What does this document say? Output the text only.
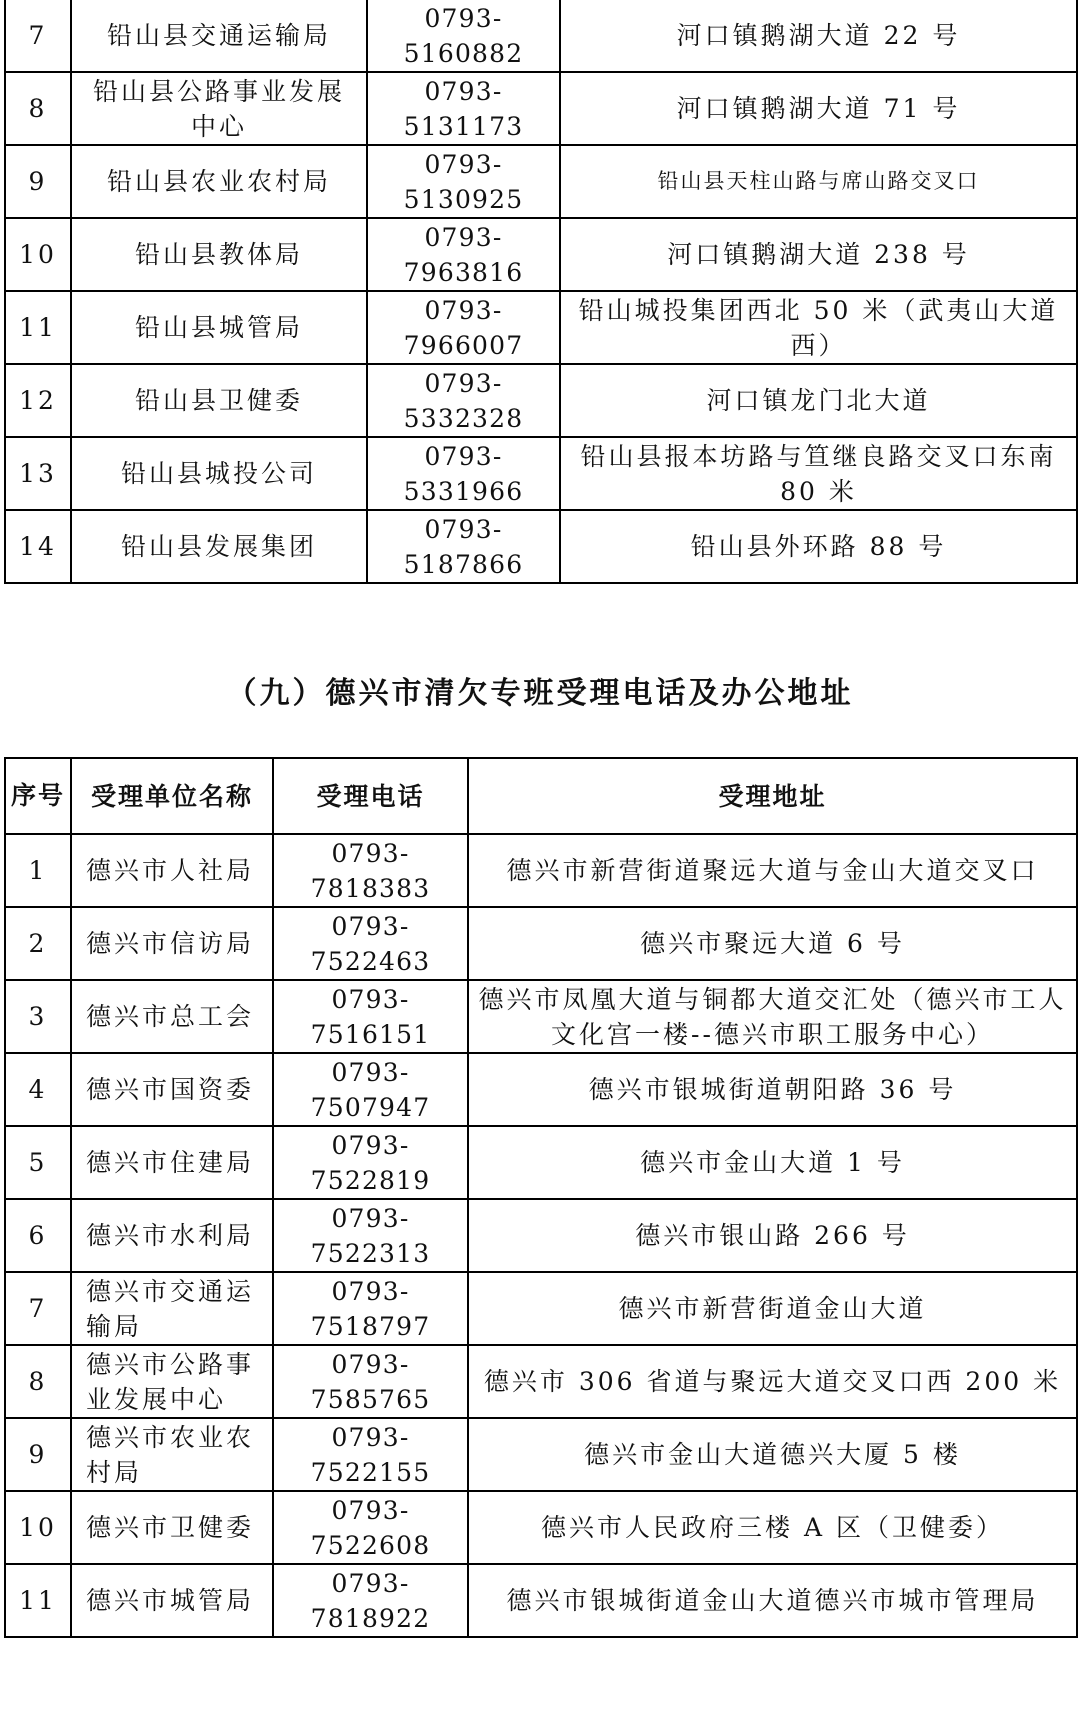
7	铅山县交通运输局	0793-5160882	河口镇鹅湖大道 22 号
8	铅山县公路事业发展中心	0793-5131173	河口镇鹅湖大道 71 号
9	铅山县农业农村局	0793-5130925	铅山县天柱山路与席山路交叉口
10	铅山县教体局	0793-7963816	河口镇鹅湖大道 238 号
11	铅山县城管局	0793-7966007	铅山城投集团西北 50 米（武夷山大道西）
12	铅山县卫健委	0793-5332328	河口镇龙门北大道
13	铅山县城投公司	0793-5331966	铅山县报本坊路与笪继良路交叉口东南 80 米
14	铅山县发展集团	0793-5187866	铅山县外环路 88 号
（九）德兴市清欠专班受理电话及办公地址
序号	受理单位名称	受理电话	受理地址
1	德兴市人社局	0793-7818383	德兴市新营街道聚远大道与金山大道交叉口
2	德兴市信访局	0793-7522463	德兴市聚远大道 6 号
3	德兴市总工会	0793-7516151	德兴市凤凰大道与铜都大道交汇处（德兴市工人文化宫一楼--德兴市职工服务中心）
4	德兴市国资委	0793-7507947	德兴市银城街道朝阳路 36 号
5	德兴市住建局	0793-7522819	德兴市金山大道 1 号
6	德兴市水利局	0793-7522313	德兴市银山路 266 号
7	德兴市交通运输局	0793-7518797	德兴市新营街道金山大道
8	德兴市公路事业发展中心	0793-7585765	德兴市 306 省道与聚远大道交叉口西 200 米
9	德兴市农业农村局	0793-7522155	德兴市金山大道德兴大厦 5 楼
10	德兴市卫健委	0793-7522608	德兴市人民政府三楼 A 区（卫健委）
11	德兴市城管局	0793-7818922	德兴市银城街道金山大道德兴市城市管理局
